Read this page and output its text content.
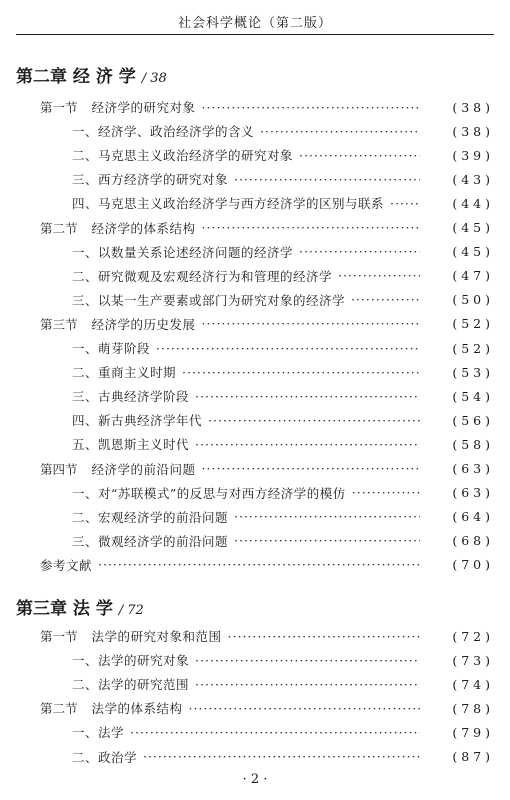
社会科学概论（第二版）
第二章 经 济 学 / 38
第一节 经济学的研究对象 ·····	(38)
一、经济学、政治经济学的含义 ·····	(38)
二、马克思主义政治经济学的研究对象 ·····	(39)
三、西方经济学的研究对象 ·····	(43)
四、马克思主义政治经济学与西方经济学的区别与联系 ·····	(44)
第二节 经济学的体系结构 ·····	(45)
一、以数量关系论述经济问题的经济学 ·····	(45)
二、研究微观及宏观经济行为和管理的经济学 ·····	(47)
三、以某一生产要素或部门为研究对象的经济学 ·····	(50)
第三节 经济学的历史发展 ·····	(52)
一、萌芽阶段 ·····	(52)
二、重商主义时期 ·····	(53)
三、古典经济学阶段 ·····	(54)
四、新古典经济学年代 ·····	(56)
五、凯恩斯主义时代 ·····	(58)
第四节 经济学的前沿问题 ·····	(63)
一、对“苏联模式”的反思与对西方经济学的模仿 ·····	(63)
二、宏观经济学的前沿问题 ·····	(64)
三、微观经济学的前沿问题 ·····	(68)
参考文献 ·····	(70)
第三章 法 学 / 72
第一节 法学的研究对象和范围 ·····	(72)
一、法学的研究对象 ·····	(73)
二、法学的研究范围 ·····	(74)
第二节 法学的体系结构 ·····	(78)
一、法学 ·····	(79)
二、政治学 ·····	(87)
· 2 ·
